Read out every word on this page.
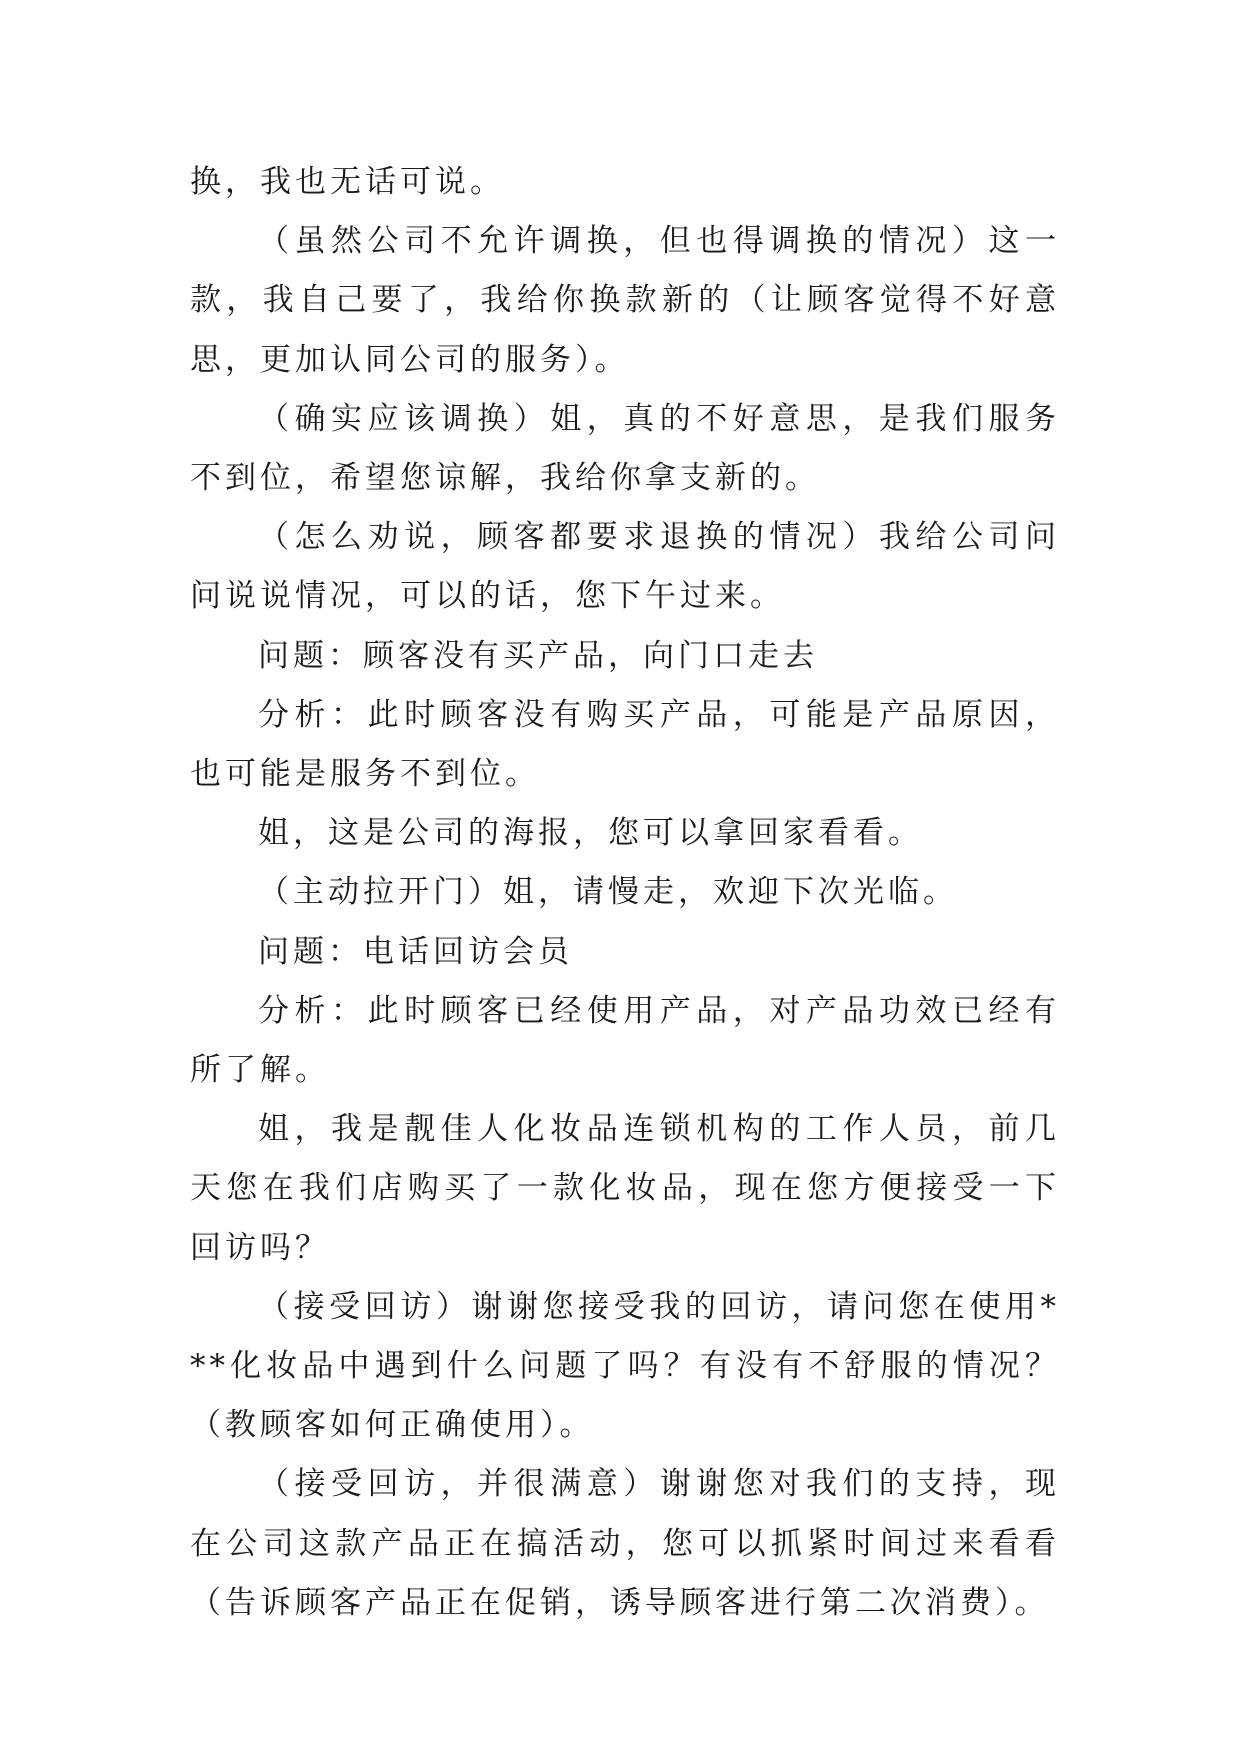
换，我也无话可说。

（虽然公司不允许调换，但也得调换的情况）这一款，我自己要了，我给你换款新的（让顾客觉得不好意思，更加认同公司的服务）。

（确实应该调换）姐，真的不好意思，是我们服务不到位，希望您谅解，我给你拿支新的。

（怎么劝说，顾客都要求退换的情况）我给公司问问说说情况，可以的话，您下午过来。

问题：顾客没有买产品，向门口走去

分析：此时顾客没有购买产品，可能是产品原因，也可能是服务不到位。

姐，这是公司的海报，您可以拿回家看看。

（主动拉开门）姐，请慢走，欢迎下次光临。

问题：电话回访会员

分析：此时顾客已经使用产品，对产品功效已经有所了解。

姐，我是靓佳人化妆品连锁机构的工作人员，前几天您在我们店购买了一款化妆品，现在您方便接受一下回访吗？

（接受回访）谢谢您接受我的回访，请问您在使用***化妆品中遇到什么问题了吗？有没有不舒服的情况？（教顾客如何正确使用）。

（接受回访，并很满意）谢谢您对我们的支持，现在公司这款产品正在搞活动，您可以抓紧时间过来看看（告诉顾客产品正在促销，诱导顾客进行第二次消费）。
